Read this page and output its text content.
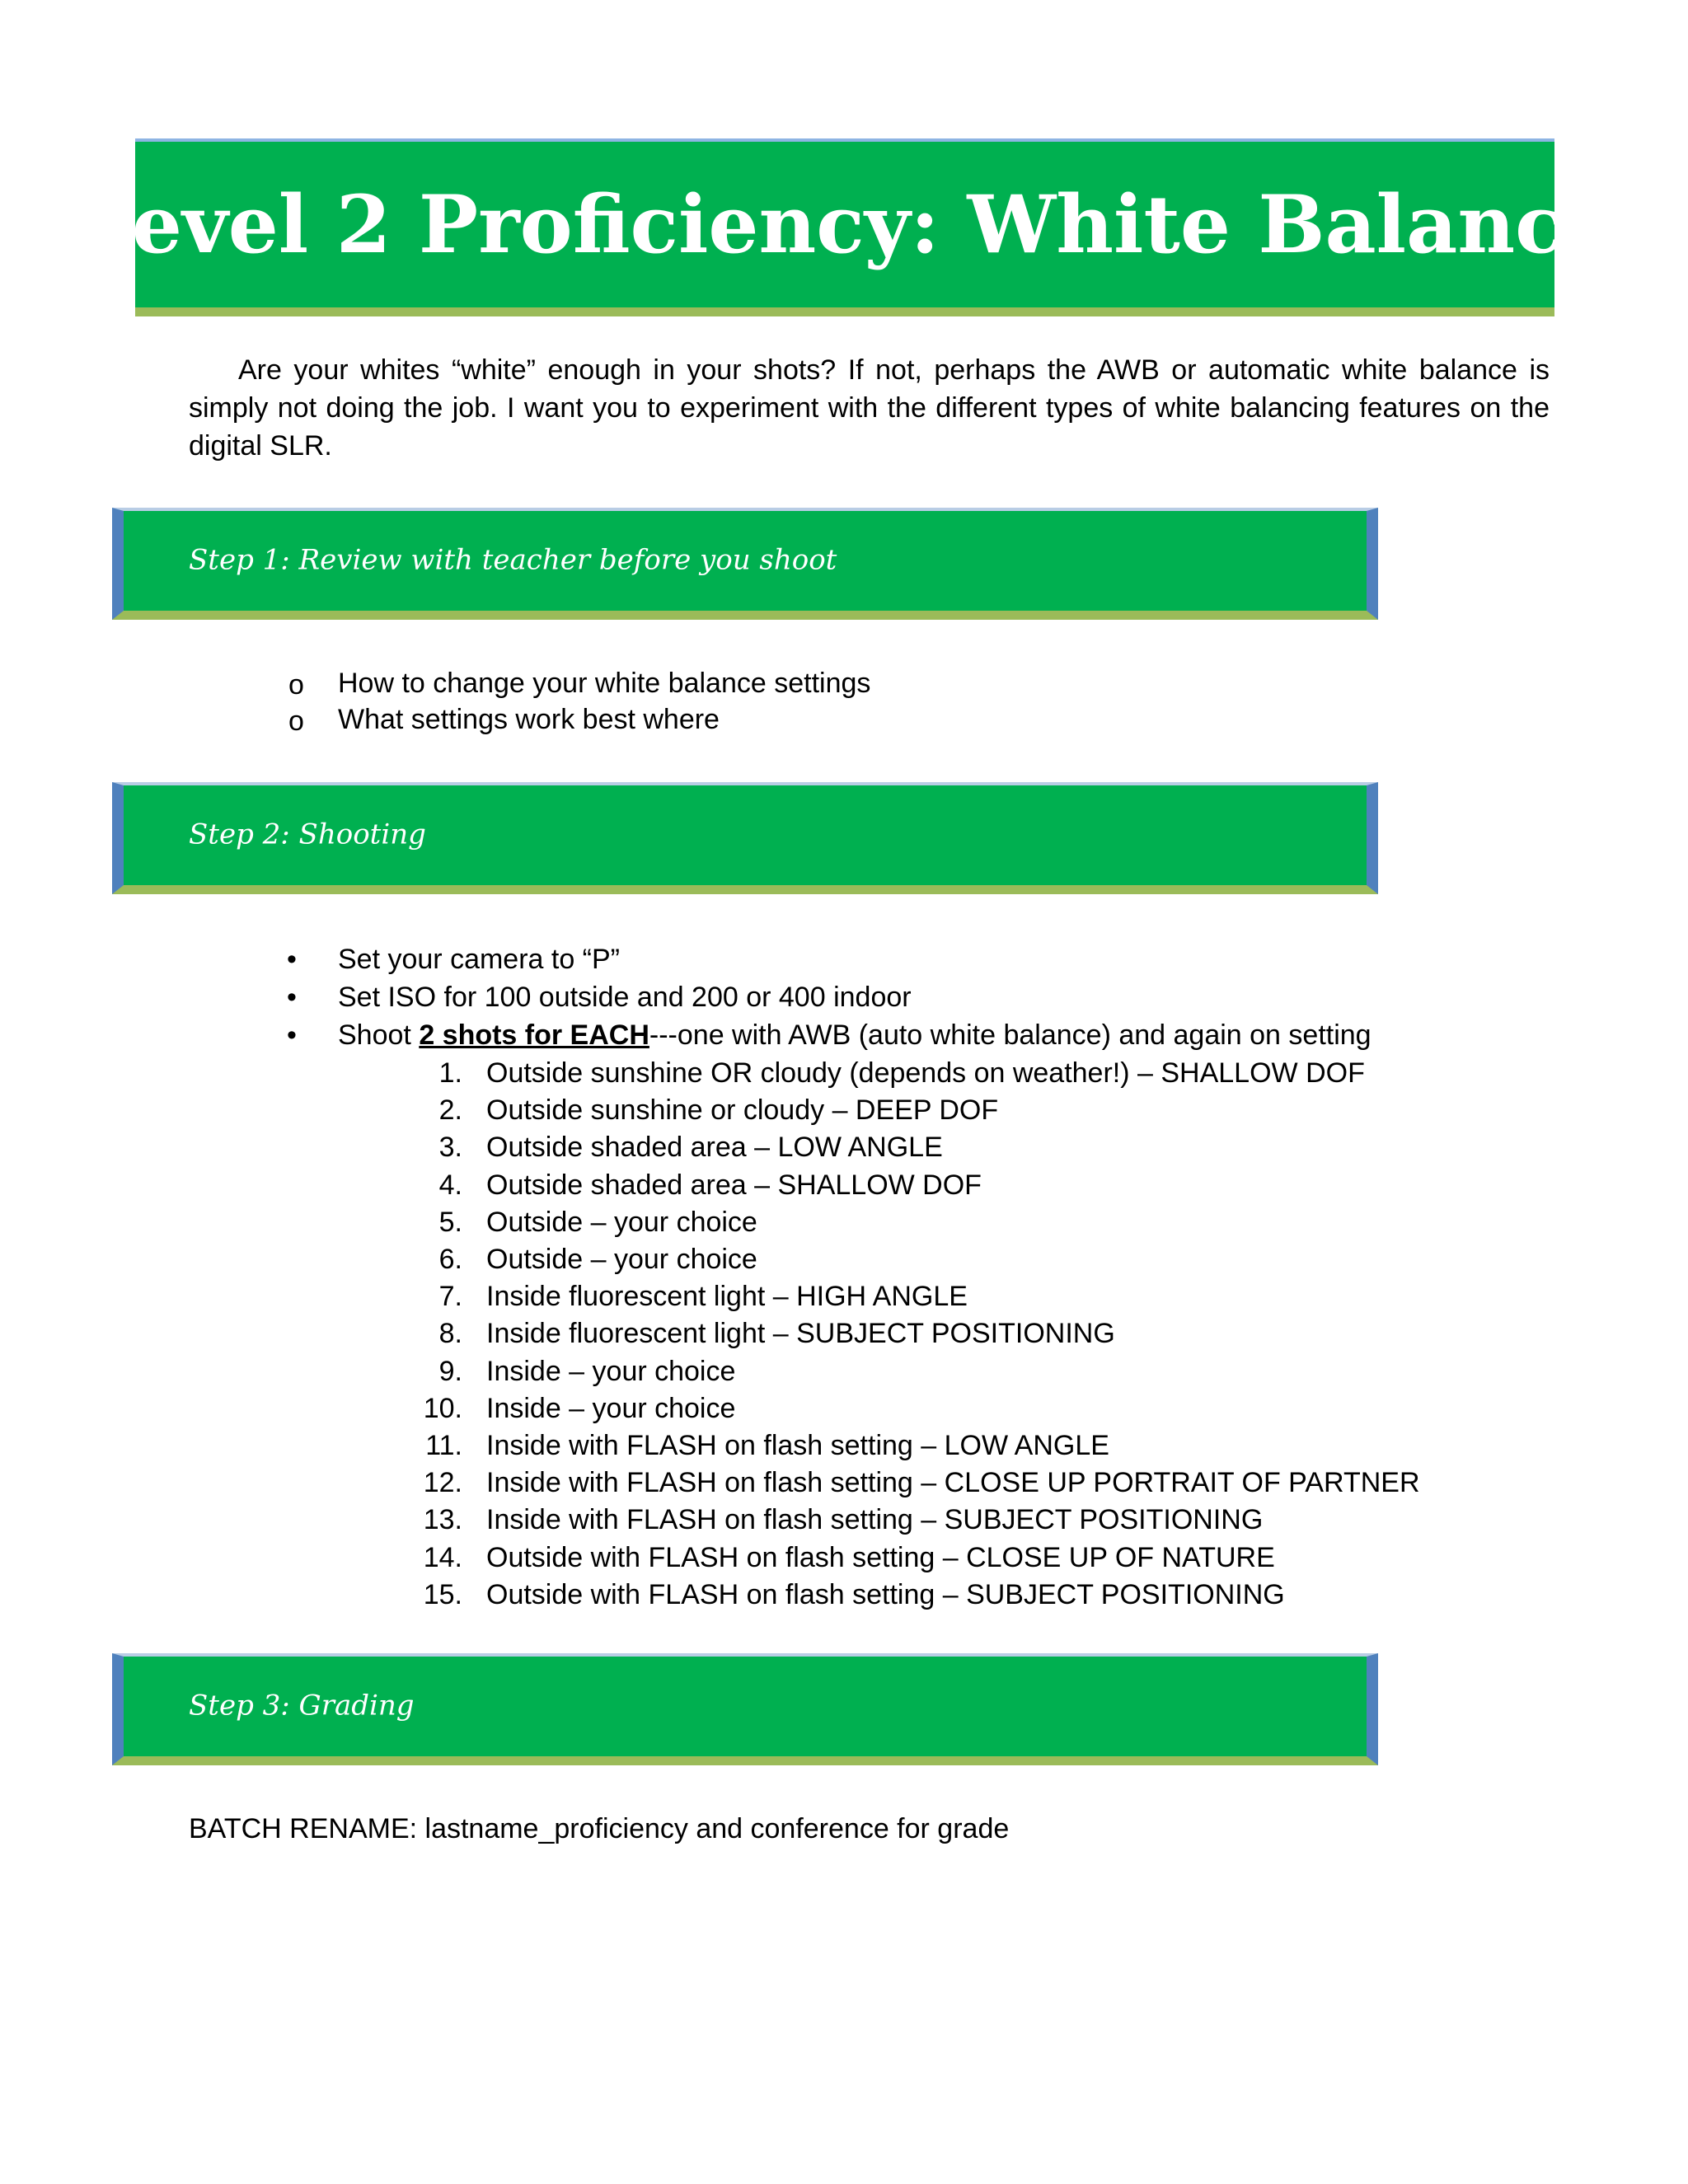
Level 2 Proficiency: White Balance

Are your whites “white” enough in your shots? If not, perhaps the AWB or automatic white balance is simply not doing the job. I want you to experiment with the different types of white balancing features on the digital SLR.

Step 1: Review with teacher before you shoot
o How to change your white balance settings
o What settings work best where
Step 2: Shooting
• Set your camera to “P”
• Set ISO for 100 outside and 200 or 400 indoor
• Shoot 2 shots for EACH---one with AWB (auto white balance) and again on setting
1. Outside sunshine OR cloudy (depends on weather!) – SHALLOW DOF
2. Outside sunshine or cloudy – DEEP DOF
3. Outside shaded area – LOW ANGLE
4. Outside shaded area – SHALLOW DOF
5. Outside – your choice
6. Outside – your choice
7. Inside fluorescent light – HIGH ANGLE
8. Inside fluorescent light – SUBJECT POSITIONING
9. Inside – your choice
10. Inside – your choice
11. Inside with FLASH on flash setting – LOW ANGLE
12. Inside with FLASH on flash setting – CLOSE UP PORTRAIT OF PARTNER
13. Inside with FLASH on flash setting – SUBJECT POSITIONING
14. Outside with FLASH on flash setting – CLOSE UP OF NATURE
15. Outside with FLASH on flash setting – SUBJECT POSITIONING
Step 3: Grading
BATCH RENAME: lastname_proficiency and conference for grade
